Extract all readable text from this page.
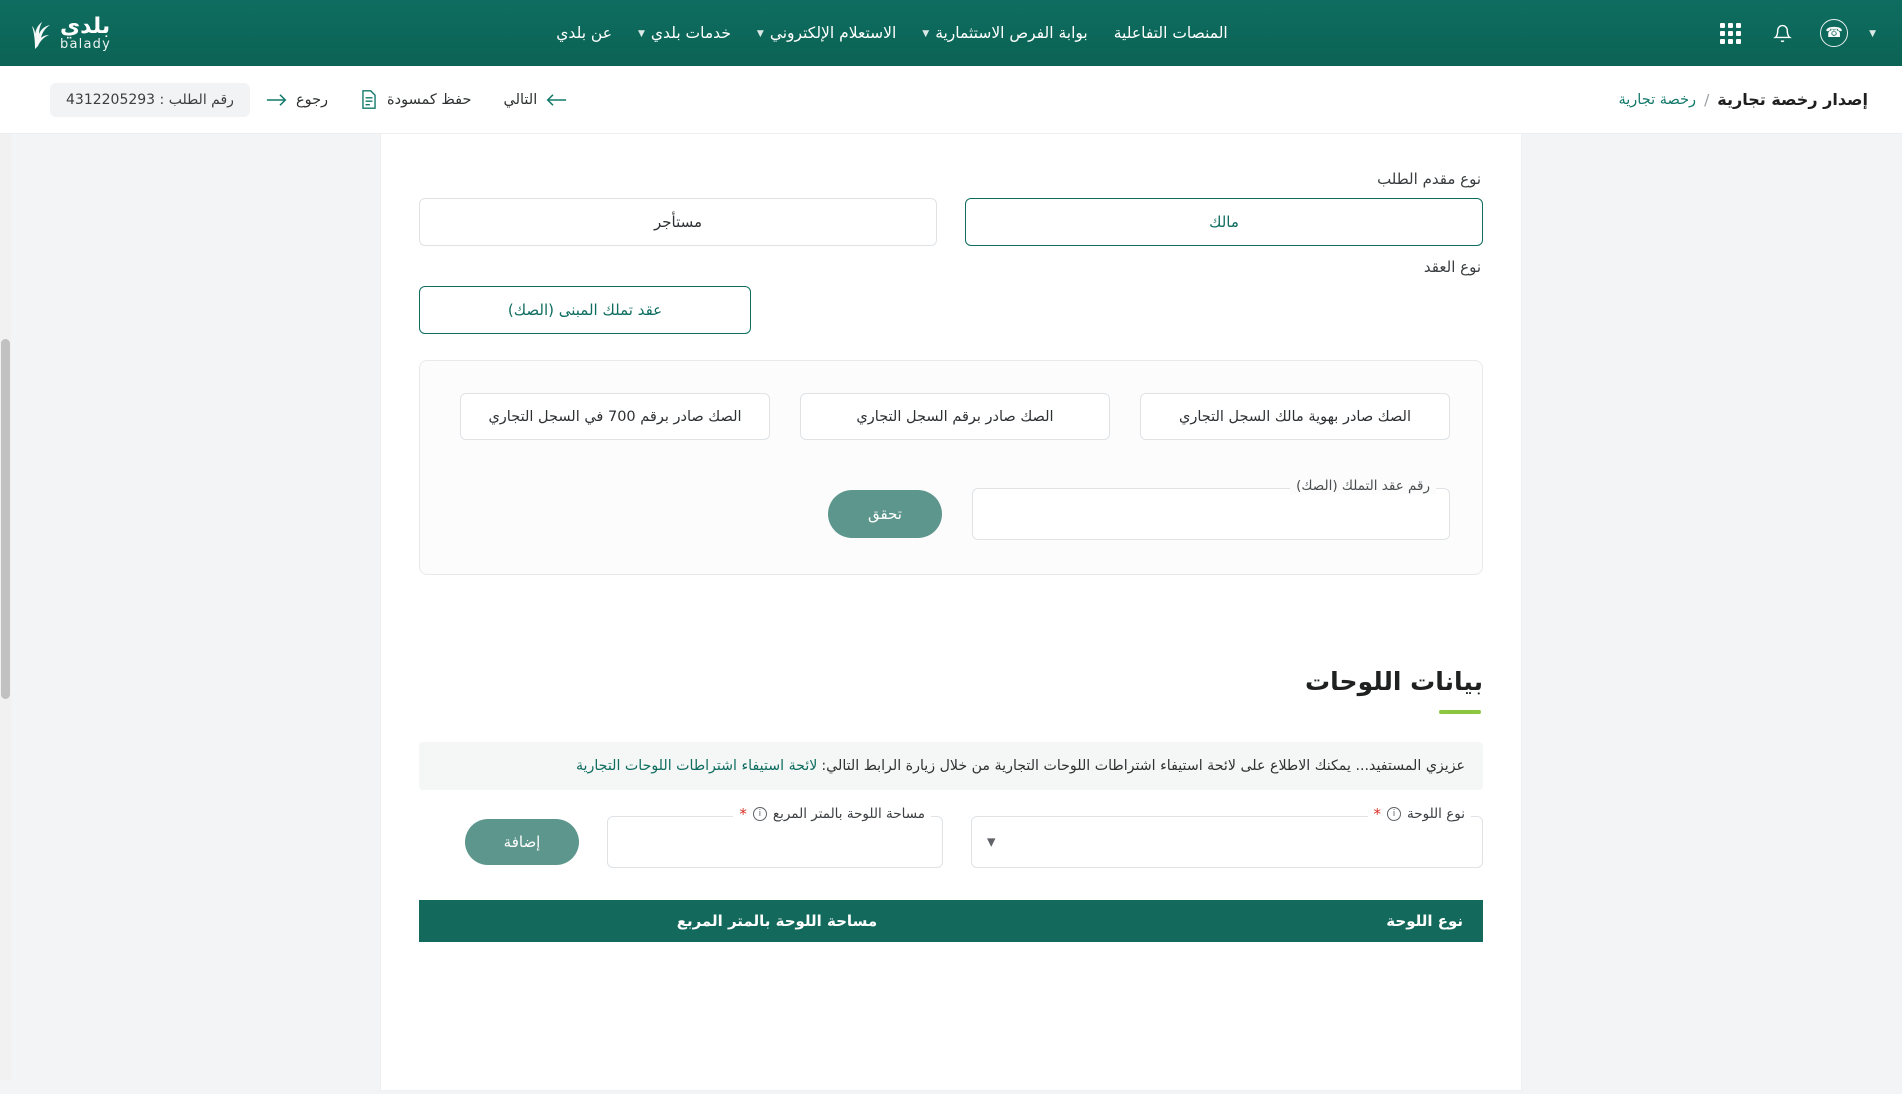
▼
☎
المنصات التفاعلية
بوابة الفرص الاستثمارية
▼
الاستعلام الإلكتروني
▼
خدمات بلدي
▼
عن بلدي
بلدي
balady
إصدار رخصة تجارية
/
رخصة تجارية
التالي
حفظ كمسودة
رجوع
رقم الطلب : 4312205293
نوع مقدم الطلب
مالك
مستأجر
نوع العقد
عقد تملك المبنى (الصك)
الصك صادر بهوية مالك السجل التجاري
الصك صادر برقم السجل التجاري
الصك صادر برقم 700 في السجل التجاري
رقم عقد التملك (الصك)
تحقق
بيانات اللوحات
عزيزي المستفيد... يمكنك الاطلاع على لائحة استيفاء اشتراطات اللوحات التجارية من خلال زيارة الرابط التالي:
لائحة استيفاء اشتراطات اللوحات التجارية
نوع اللوحة
i
*
▼
مساحة اللوحة بالمتر المربع
i
*
إضافة
نوع اللوحة
مساحة اللوحة بالمتر المربع
